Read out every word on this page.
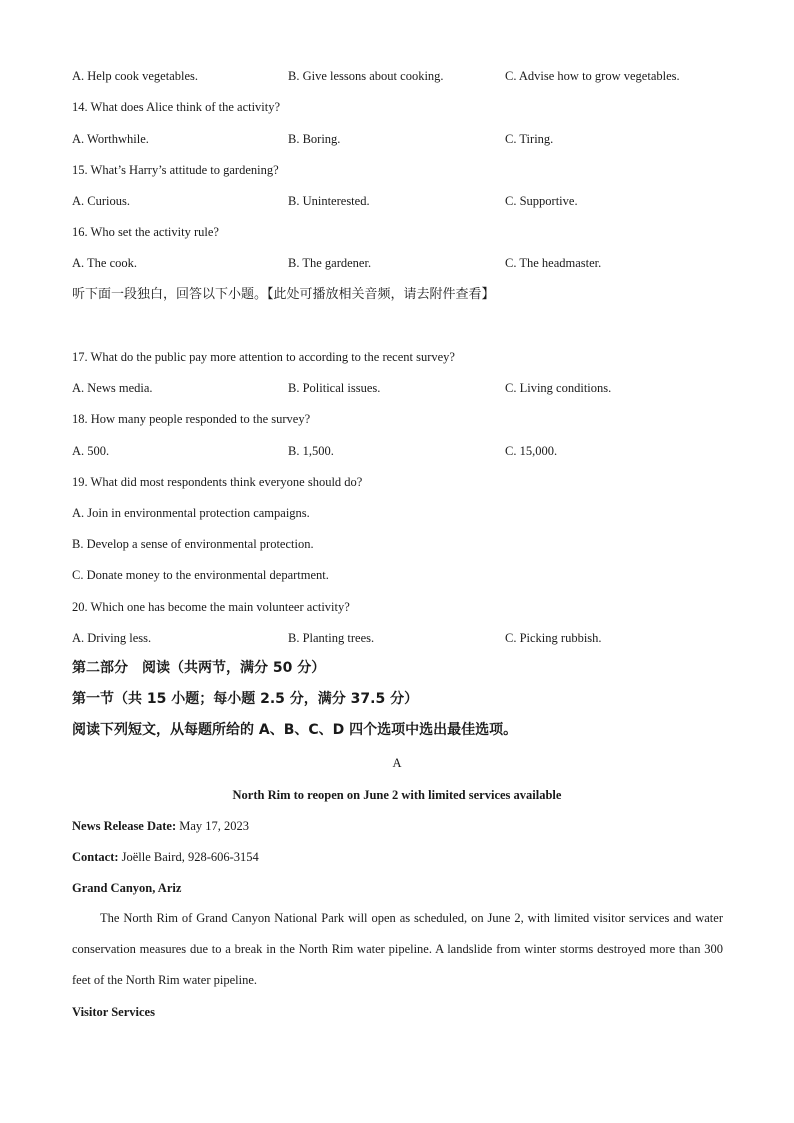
A. Help cook vegetables.	B. Give lessons about cooking.	C. Advise how to grow vegetables.
14. What does Alice think of the activity?
A. Worthwhile.	B. Boring.	C. Tiring.
15. What’s Harry’s attitude to gardening?
A. Curious.	B. Uninterested.	C. Supportive.
16. Who set the activity rule?
A. The cook.	B. The gardener.	C. The headmaster.
听下面一段独白，回答以下小题。【此处可播放相关音频，请去附件查看】
17. What do the public pay more attention to according to the recent survey?
A. News media.	B. Political issues.	C. Living conditions.
18. How many people responded to the survey?
A. 500.	B. 1,500.	C. 15,000.
19. What did most respondents think everyone should do?
A. Join in environmental protection campaigns.
B. Develop a sense of environmental protection.
C. Donate money to the environmental department.
20. Which one has become the main volunteer activity?
A. Driving less.	B. Planting trees.	C. Picking rubbish.
第二部分　阅读（共两节，满分 50 分）
第一节（共 15 小题；每小题 2.5 分，满分 37.5 分）
阅读下列短文，从每题所给的 A、B、C、D 四个选项中选出最佳选项。
A
North Rim to reopen on June 2 with limited services available
News Release Date: May 17, 2023
Contact: Joëlle Baird, 928-606-3154
Grand Canyon, Ariz

The North Rim of Grand Canyon National Park will open as scheduled, on June 2, with limited visitor services and water conservation measures due to a break in the North Rim water pipeline. A landslide from winter storms destroyed more than 300 feet of the North Rim water pipeline.

Visitor Services
